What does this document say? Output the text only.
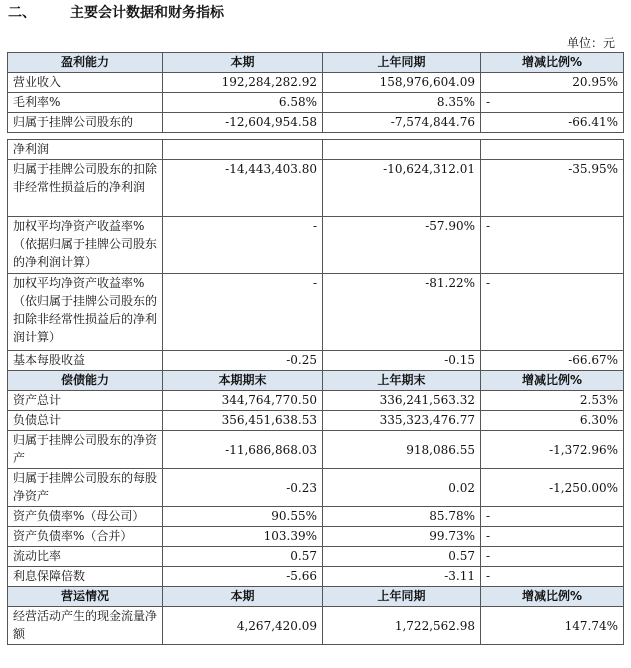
二、 主要会计数据和财务指标
单位：元
盈利能力	本期	上年同期	增减比例%
营业收入	192,284,282.92	158,976,604.09	20.95%
毛利率%	6.58%	8.35%	-
归属于挂牌公司股东的	-12,604,954.58	-7,574,844.76	-66.41%

净利润			
归属于挂牌公司股东的扣除非经常性损益后的净利润	-14,443,403.80	-10,624,312.01	-35.95%
加权平均净资产收益率%（依据归属于挂牌公司股东的净利润计算）	-	-57.90%	-
加权平均净资产收益率%（依归属于挂牌公司股东的扣除非经常性损益后的净利润计算）	-	-81.22%	-
基本每股收益	-0.25	-0.15	-66.67%
偿债能力	本期期末	上年期末	增减比例%
资产总计	344,764,770.50	336,241,563.32	2.53%
负债总计	356,451,638.53	335,323,476.77	6.30%
归属于挂牌公司股东的净资产	-11,686,868.03	918,086.55	-1,372.96%
归属于挂牌公司股东的每股净资产	-0.23	0.02	-1,250.00%
资产负债率%（母公司）	90.55%	85.78%	-
资产负债率%（合并）	103.39%	99.73%	-
流动比率	0.57	0.57	-
利息保障倍数	-5.66	-3.11	-
营运情况	本期	上年同期	增减比例%
经营活动产生的现金流量净额	4,267,420.09	1,722,562.98	147.74%
